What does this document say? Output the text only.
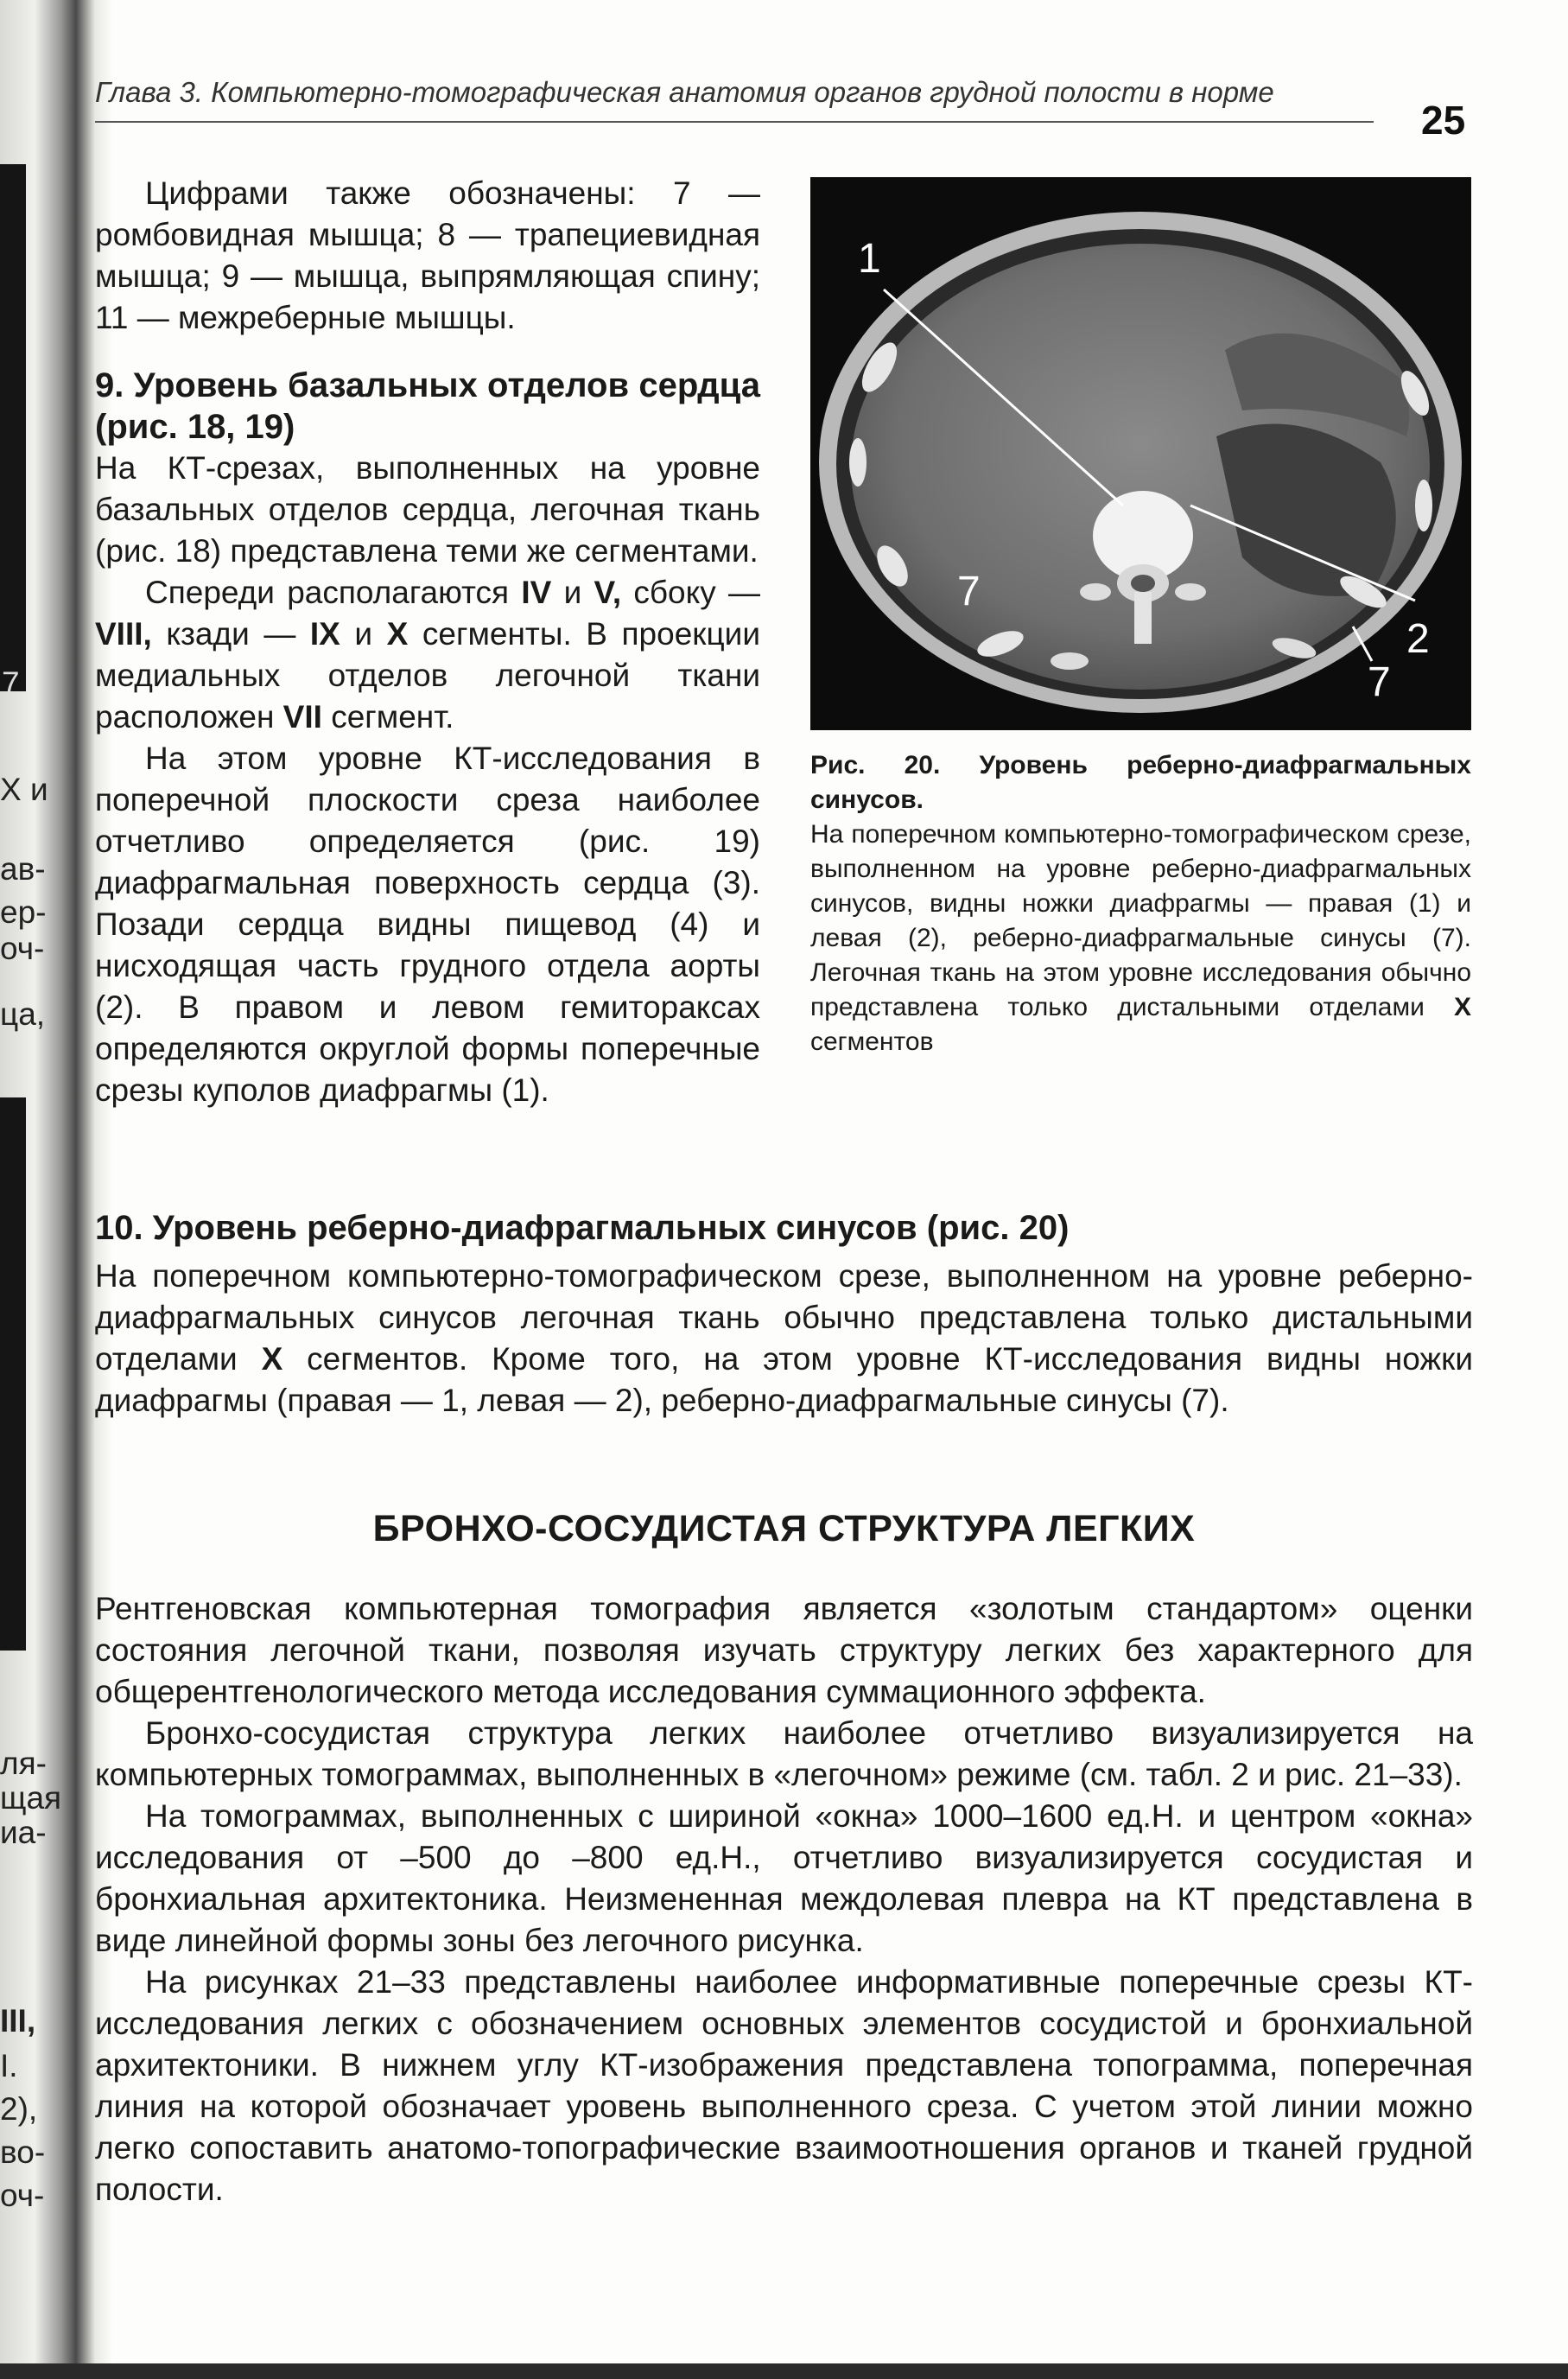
7
X и
ав-
ер-
оч-
ца,
ля-
щая
иа-
III,
I.
2),
во-
оч-
Глава 3. Компьютерно-томографическая анатомия органов грудной полости в норме
25

Цифрами также обозначены: 7 — ромбовидная мышца; 8 — трапециевидная мышца; 9 — мышца, выпрямляющая спину; 11 — межреберные мышцы.

9. Уровень базальных отделов сердца (рис. 18, 19)

На КТ-срезах, выполненных на уровне базальных отделов сердца, легочная ткань (рис. 18) представлена теми же сегментами.

Спереди располагаются IV и V, сбоку — VIII, кзади — IX и X сегменты. В проекции медиальных отделов легочной ткани расположен VII сегмент.

На этом уровне КТ-исследования в поперечной плоскости среза наиболее отчетливо определяется (рис. 19) диафрагмальная поверхность сердца (3). Позади сердца видны пищевод (4) и нисходящая часть грудного отдела аорты (2). В правом и левом гемитораксах определяются округлой формы поперечные срезы куполов диафрагмы (1).

1
2
7
7
Рис. 20. Уровень реберно-диафрагмальных синусов.
На поперечном компьютерно-томографическом срезе, выполненном на уровне реберно-диафрагмальных синусов, видны ножки диафрагмы — правая (1) и левая (2), реберно-диафрагмальные синусы (7). Легочная ткань на этом уровне исследования обычно представлена только дистальными отделами X сегментов
10. Уровень реберно-диафрагмальных синусов (рис. 20)

На поперечном компьютерно-томографическом срезе, выполненном на уровне реберно-диафрагмальных синусов легочная ткань обычно представлена только дистальными отделами X сегментов. Кроме того, на этом уровне КТ-исследования видны ножки диафрагмы (правая — 1, левая — 2), реберно-диафрагмальные синусы (7).

БРОНХО-СОСУДИСТАЯ СТРУКТУРА ЛЕГКИХ

Рентгеновская компьютерная томография является «золотым стандартом» оценки состояния легочной ткани, позволяя изучать структуру легких без характерного для общерентгенологического метода исследования суммационного эффекта.

Бронхо-сосудистая структура легких наиболее отчетливо визуализируется на компьютерных томограммах, выполненных в «легочном» режиме (см. табл. 2 и рис. 21–33).

На томограммах, выполненных с шириной «окна» 1000–1600 ед.Н. и центром «окна» исследования от –500 до –800 ед.Н., отчетливо визуализируется сосудистая и бронхиальная архитектоника. Неизмененная междолевая плевра на КТ представлена в виде линейной формы зоны без легочного рисунка.

На рисунках 21–33 представлены наиболее информативные поперечные срезы КТ-исследования легких с обозначением основных элементов сосудистой и бронхиальной архитектоники. В нижнем углу КТ-изображения представлена топограмма, поперечная линия на которой обозначает уровень выполненного среза. С учетом этой линии можно легко сопоставить анатомо-топографические взаимоотношения органов и тканей грудной полости.
